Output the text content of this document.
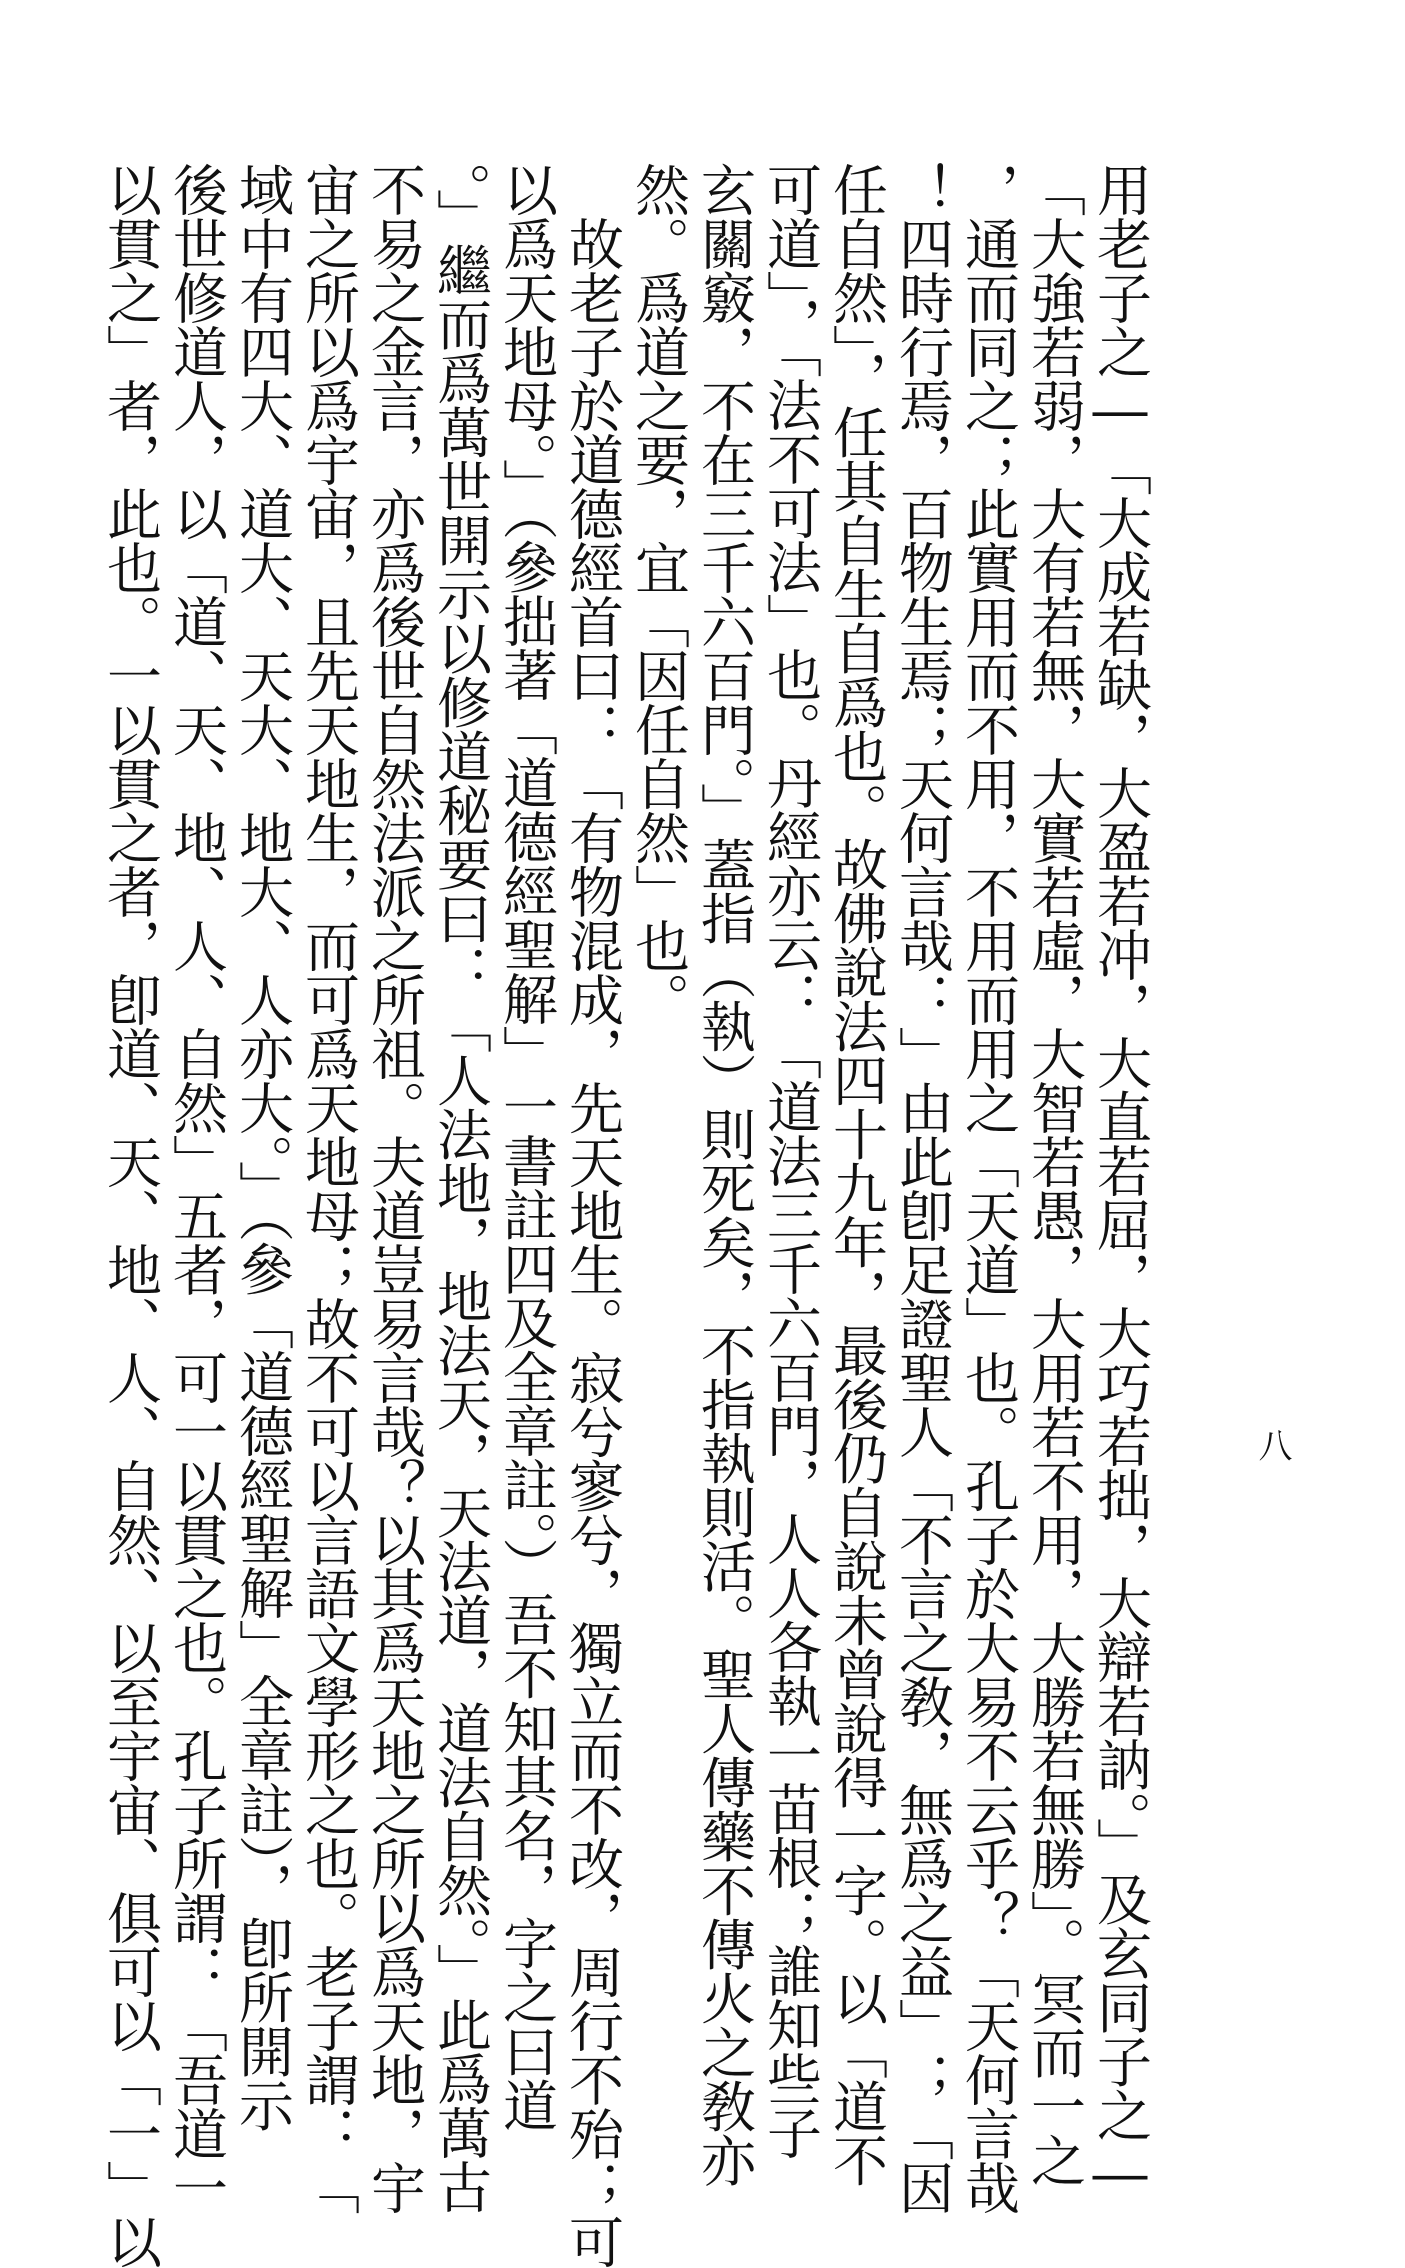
八
用老子之―「大成若缺，大盈若冲，大直若屈，大巧若拙，大辯若訥。」及玄同子之―
「大強若弱，大有若無，大實若虛，大智若愚，大用若不用，大勝若無勝」。冥而一之
，通而同之；此實用而不用，不用而用之「天道」也。孔子於大易不云乎？「天何言哉
！四時行焉，百物生焉；天何言哉：」由此卽足證聖人「不言之敎，無爲之益」；「因
任自然」，任其自生自爲也。故佛說法四十九年，最後仍自說未曾說得一字。以「道不
可道」，「法不可法」也。丹經亦云：「道法三千六百門，人人各執一苗根；誰知些子
玄關竅，不在三千六百門。」蓋指（執）則死矣，不指執則活。聖人傳藥不傳火之敎亦
然。爲道之要，宜「因任自然」也。
　故老子於道德經首曰：「有物混成，先天地生。寂兮寥兮，獨立而不改，周行不殆；可
以爲天地母。」（參拙著「道德經聖解」一書註四及全章註。）吾不知其名，字之曰道
。」繼而爲萬世開示以修道秘要曰：「人法地，地法天，天法道，道法自然。」此爲萬古
不易之金言，亦爲後世自然法派之所祖。夫道豈易言哉？以其爲天地之所以爲天地，宇
宙之所以爲宇宙，且先天地生，而可爲天地母；故不可以言語文學形之也。老子謂：「
域中有四大、道大、天大、地大、人亦大。」（參「道德經聖解」全章註），卽所開示
後世修道人，以「道、天、地、人、自然」五者，可一以貫之也。孔子所謂：「吾道一
以貫之」者，此也。一以貫之者，卽道、天、地、人、自然、以至宇宙、俱可以「一」以
